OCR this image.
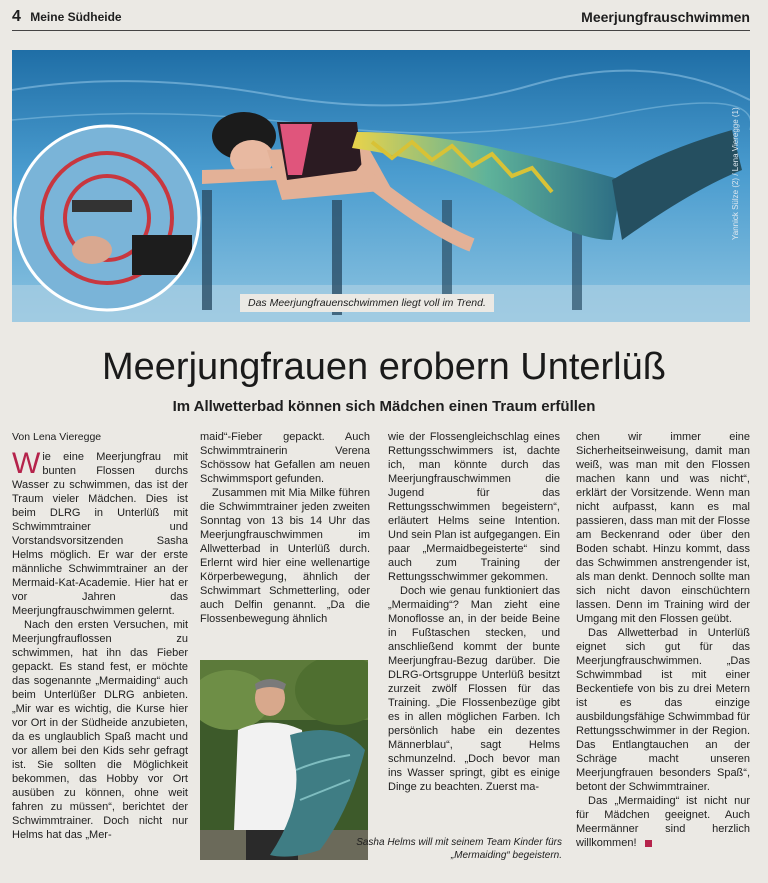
4 Meine Südheide	Meerjungfrauschwimmen
Yannick Sülze (2) / Lena Vieregge (1)
Das Meerjungfrauenschwimmen liegt voll im Trend.
Meerjungfrauen erobern Unterlüß
Im Allwetterbad können sich Mädchen einen Traum erfüllen
Von Lena Vieregge

Wie eine Meerjungfrau mit bunten Flossen durchs Wasser zu schwimmen, das ist der Traum vieler Mädchen. Dies ist beim DLRG in Unterlüß mit Schwimmtrainer und Vorstandsvorsitzenden Sasha Helms möglich. Er war der erste männliche Schwimmtrainer an der Mermaid-Kat-Academie. Hier hat er vor Jahren das Meerjungfrauschwimmen gelernt.

Nach den ersten Versuchen, mit Meerjungfrauflossen zu schwimmen, hat ihn das Fieber gepackt. Es stand fest, er möchte das sogenannte „Mermaiding“ auch beim Unterlüßer DLRG anbieten. „Mir war es wichtig, die Kurse hier vor Ort in der Südheide anzubieten, da es unglaublich Spaß macht und vor allem bei den Kids sehr gefragt ist. Sie sollten die Möglichkeit bekommen, das Hobby vor Ort ausüben zu können, ohne weit fahren zu müssen“, berichtet der Schwimmtrainer. Doch nicht nur Helms hat das „Mer-

maid“-Fieber gepackt. Auch Schwimmtrainerin Verena Schössow hat Gefallen am neuen Schwimmsport gefunden.

Zusammen mit Mia Milke führen die Schwimmtrainer jeden zweiten Sonntag von 13 bis 14 Uhr das Meerjungfrauschwimmen im Allwetterbad in Unterlüß durch. Erlernt wird hier eine wellenartige Körperbewegung, ähnlich der Schwimmart Schmetterling, oder auch Delfin genannt. „Da die Flossenbewegung ähnlich

wie der Flossengleichschlag eines Rettungsschwimmers ist, dachte ich, man könnte durch das Meerjungfrauschwimmen die Jugend für das Rettungsschwimmen begeistern“, erläutert Helms seine Intention. Und sein Plan ist aufgegangen. Ein paar „Mermaidbegeisterte“ sind auch zum Training der Rettungsschwimmer gekommen.

Doch wie genau funktioniert das „Mermaiding“? Man zieht eine Monoflosse an, in der beide Beine in Fußtaschen stecken, und anschließend kommt der bunte Meerjungfrau-Bezug darüber. Die DLRG-Ortsgruppe Unterlüß besitzt zurzeit zwölf Flossen für das Training. „Die Flossenbezüge gibt es in allen möglichen Farben. Ich persönlich habe ein dezentes Männerblau“, sagt Helms schmunzelnd. „Doch bevor man ins Wasser springt, gibt es einige Dinge zu beachten. Zuerst ma-

Sasha Helms will mit seinem Team Kinder fürs „Mermaiding“ begeistern.

chen wir immer eine Sicherheitseinweisung, damit man weiß, was man mit den Flossen machen kann und was nicht“, erklärt der Vorsitzende. Wenn man nicht aufpasst, kann es mal passieren, dass man mit der Flosse am Beckenrand oder über den Boden schabt. Hinzu kommt, dass das Schwimmen anstrengender ist, als man denkt. Dennoch sollte man sich nicht davon einschüchtern lassen. Denn im Training wird der Umgang mit den Flossen geübt.

Das Allwetterbad in Unterlüß eignet sich gut für das Meerjungfrauschwimmen. „Das Schwimmbad ist mit einer Beckentiefe von bis zu drei Metern ist es das einzige ausbildungsfähige Schwimmbad für Rettungsschwimmer in der Region. Das Entlangtauchen an der Schräge macht unseren Meerjungfrauen besonders Spaß“, betont der Schwimmtrainer.

Das „Mermaiding“ ist nicht nur für Mädchen geeignet. Auch Meermänner sind herzlich willkommen!
